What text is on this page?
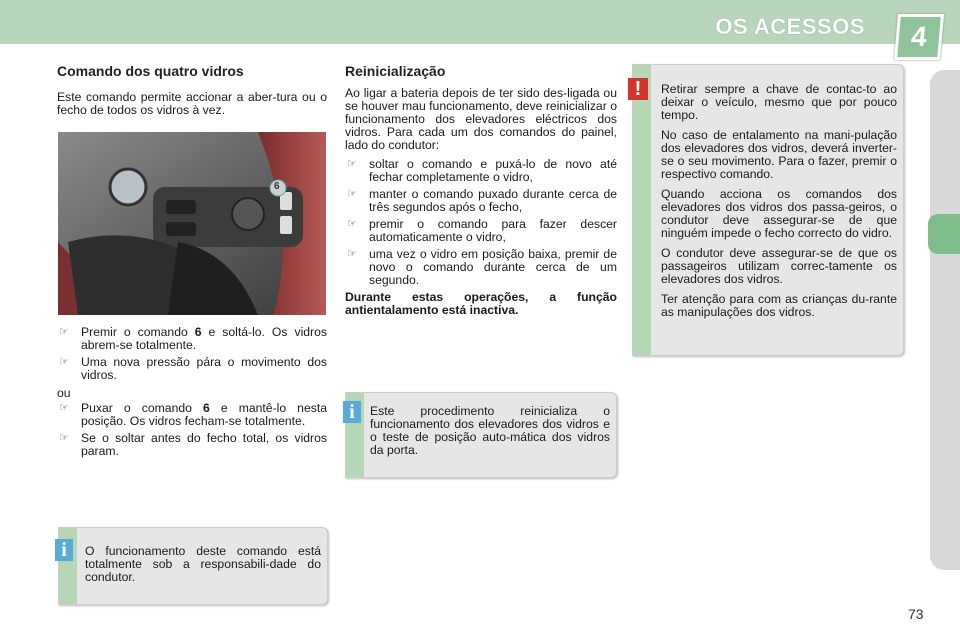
OS ACESSOS	4
Comando dos quatro vidros

Este comando permite accionar a aber-tura ou o fecho de todos os vidros à vez.

6
☞ Premir o comando 6 e soltá-lo. Os vidros abrem-se totalmente.
☞ Uma nova pressão pára o movimento dos vidros.
ou
☞ Puxar o comando 6 e mantê-lo nesta posição. Os vidros fecham-se totalmente.
☞ Se o soltar antes do fecho total, os vidros param.
O funcionamento deste comando está totalmente sob a responsabili-dade do condutor.
i
Reinicialização

Ao ligar a bateria depois de ter sido des-ligada ou se houver mau funcionamento, deve reinicializar o funcionamento dos elevadores eléctricos dos vidros. Para cada um dos comandos do painel, lado do condutor:

☞ soltar o comando e puxá-lo de novo até fechar completamente o vidro,
☞ manter o comando puxado durante cerca de três segundos após o fecho,
☞ premir o comando para fazer descer automaticamente o vidro,
☞ uma vez o vidro em posição baixa, premir de novo o comando durante cerca de um segundo.

Durante estas operações, a função antientalamento está inactiva.

Este procedimento reinicializa o funcionamento dos elevadores dos vidros e o teste de posição auto-mática dos vidros da porta.
i

Retirar sempre a chave de contac-to ao deixar o veículo, mesmo que por pouco tempo.

No caso de entalamento na mani-pulação dos elevadores dos vidros, deverá inverter-se o seu movimento. Para o fazer, premir o respectivo comando.

Quando acciona os comandos dos elevadores dos vidros dos passa-geiros, o condutor deve assegurar-se de que ninguém impede o fecho correcto do vidro.

O condutor deve assegurar-se de que os passageiros utilizam correc-tamente os elevadores dos vidros.

Ter atenção para com as crianças du-rante as manipulações dos vidros.

!
73
